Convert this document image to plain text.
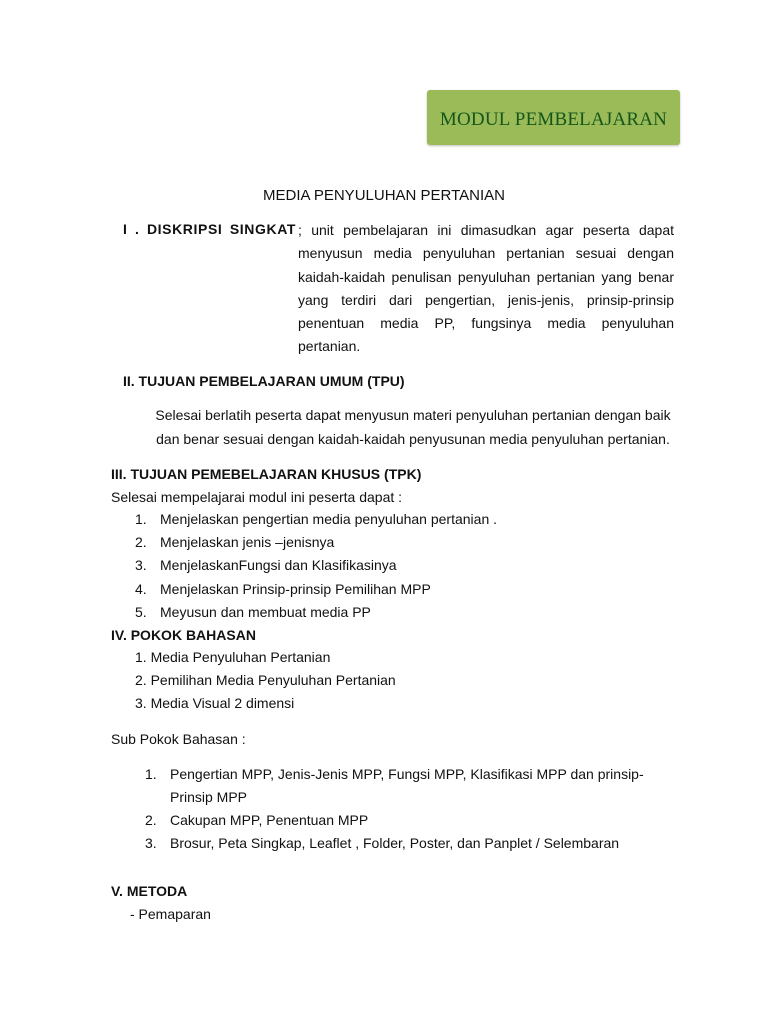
MODUL PEMBELAJARAN
MEDIA PENYULUHAN PERTANIAN
I . DISKRIPSI SINGKAT ; unit pembelajaran ini dimasudkan agar peserta dapat menyusun media penyuluhan pertanian sesuai dengan kaidah-kaidah penulisan penyuluhan pertanian yang benar yang terdiri dari pengertian, jenis-jenis, prinsip-prinsip penentuan media PP, fungsinya media penyuluhan pertanian.
II. TUJUAN PEMBELAJARAN UMUM (TPU)
Selesai berlatih peserta dapat menyusun materi penyuluhan pertanian dengan baik
dan benar sesuai dengan kaidah-kaidah penyusunan media penyuluhan pertanian.
III. TUJUAN PEMEBELAJARAN KHUSUS (TPK)
Selesai mempelajarai modul ini peserta dapat :
1. Menjelaskan pengertian media penyuluhan pertanian .
2. Menjelaskan jenis –jenisnya
3. MenjelaskanFungsi dan Klasifikasinya
4. Menjelaskan Prinsip-prinsip Pemilihan MPP
5. Meyusun dan membuat media PP
IV. POKOK BAHASAN
1. Media Penyuluhan Pertanian
2. Pemilihan Media Penyuluhan Pertanian
3. Media Visual 2 dimensi
Sub Pokok Bahasan :
1. Pengertian MPP, Jenis-Jenis MPP, Fungsi MPP, Klasifikasi MPP dan prinsip-
Prinsip MPP
2. Cakupan MPP, Penentuan MPP
3. Brosur, Peta Singkap, Leaflet , Folder, Poster, dan Panplet / Selembaran
V. METODA
- Pemaparan
